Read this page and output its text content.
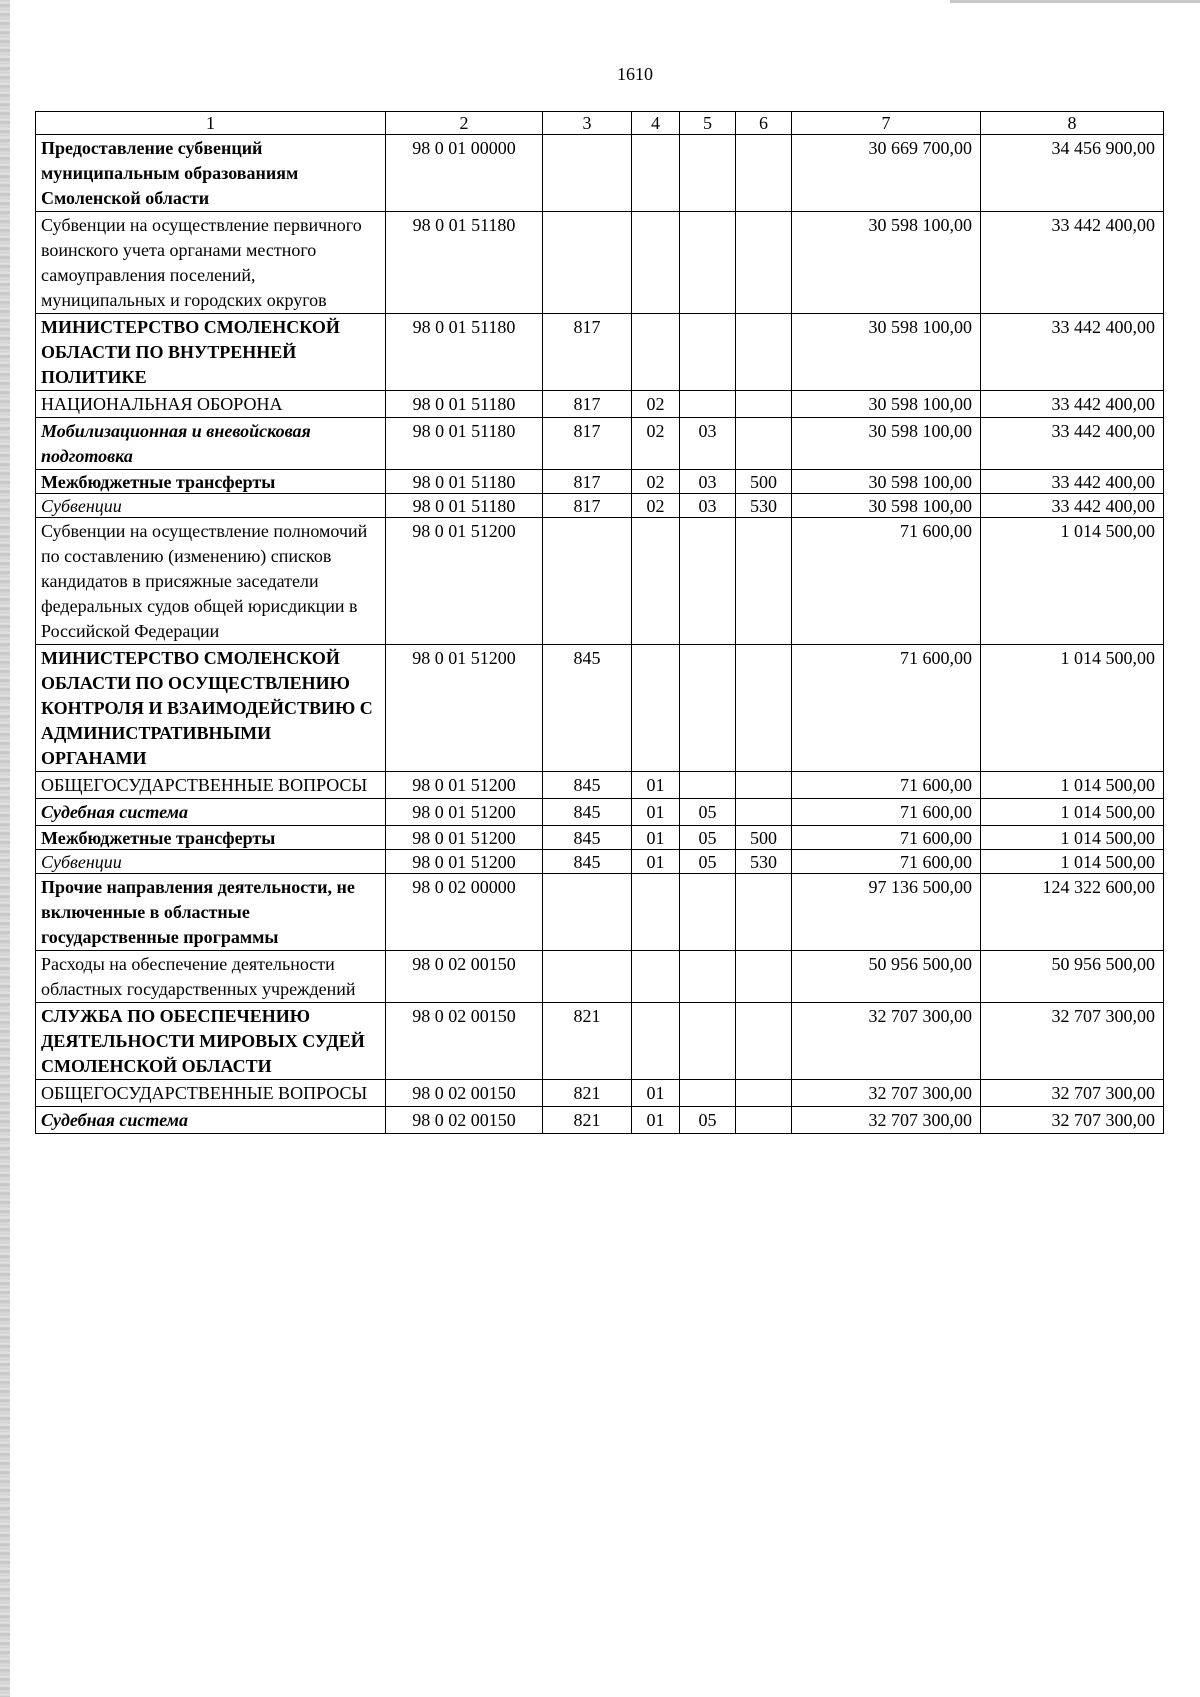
1610
1	2	3	4	5	6	7	8
Предоставление субвенций муниципальным образованиям Смоленской области	98 0 01 00000					30 669 700,00	34 456 900,00
Субвенции на осуществление первичного воинского учета органами местного самоуправления поселений, муниципальных и городских округов	98 0 01 51180					30 598 100,00	33 442 400,00
МИНИСТЕРСТВО СМОЛЕНСКОЙ ОБЛАСТИ ПО ВНУТРЕННЕЙ ПОЛИТИКЕ	98 0 01 51180	817				30 598 100,00	33 442 400,00
НАЦИОНАЛЬНАЯ ОБОРОНА	98 0 01 51180	817	02			30 598 100,00	33 442 400,00
Мобилизационная и вневойсковая подготовка	98 0 01 51180	817	02	03		30 598 100,00	33 442 400,00
Межбюджетные трансферты	98 0 01 51180	817	02	03	500	30 598 100,00	33 442 400,00
Субвенции	98 0 01 51180	817	02	03	530	30 598 100,00	33 442 400,00
Субвенции на осуществление полномочий по составлению (изменению) списков кандидатов в присяжные заседатели федеральных судов общей юрисдикции в Российской Федерации	98 0 01 51200					71 600,00	1 014 500,00
МИНИСТЕРСТВО СМОЛЕНСКОЙ ОБЛАСТИ ПО ОСУЩЕСТВЛЕНИЮ КОНТРОЛЯ И ВЗАИМОДЕЙСТВИЮ С АДМИНИСТРАТИВНЫМИ ОРГАНАМИ	98 0 01 51200	845				71 600,00	1 014 500,00
ОБЩЕГОСУДАРСТВЕННЫЕ ВОПРОСЫ	98 0 01 51200	845	01			71 600,00	1 014 500,00
Судебная система	98 0 01 51200	845	01	05		71 600,00	1 014 500,00
Межбюджетные трансферты	98 0 01 51200	845	01	05	500	71 600,00	1 014 500,00
Субвенции	98 0 01 51200	845	01	05	530	71 600,00	1 014 500,00
Прочие направления деятельности, не включенные в областные государственные программы	98 0 02 00000					97 136 500,00	124 322 600,00
Расходы на обеспечение деятельности областных государственных учреждений	98 0 02 00150					50 956 500,00	50 956 500,00
СЛУЖБА ПО ОБЕСПЕЧЕНИЮ ДЕЯТЕЛЬНОСТИ МИРОВЫХ СУДЕЙ СМОЛЕНСКОЙ ОБЛАСТИ	98 0 02 00150	821				32 707 300,00	32 707 300,00
ОБЩЕГОСУДАРСТВЕННЫЕ ВОПРОСЫ	98 0 02 00150	821	01			32 707 300,00	32 707 300,00
Судебная система	98 0 02 00150	821	01	05		32 707 300,00	32 707 300,00
